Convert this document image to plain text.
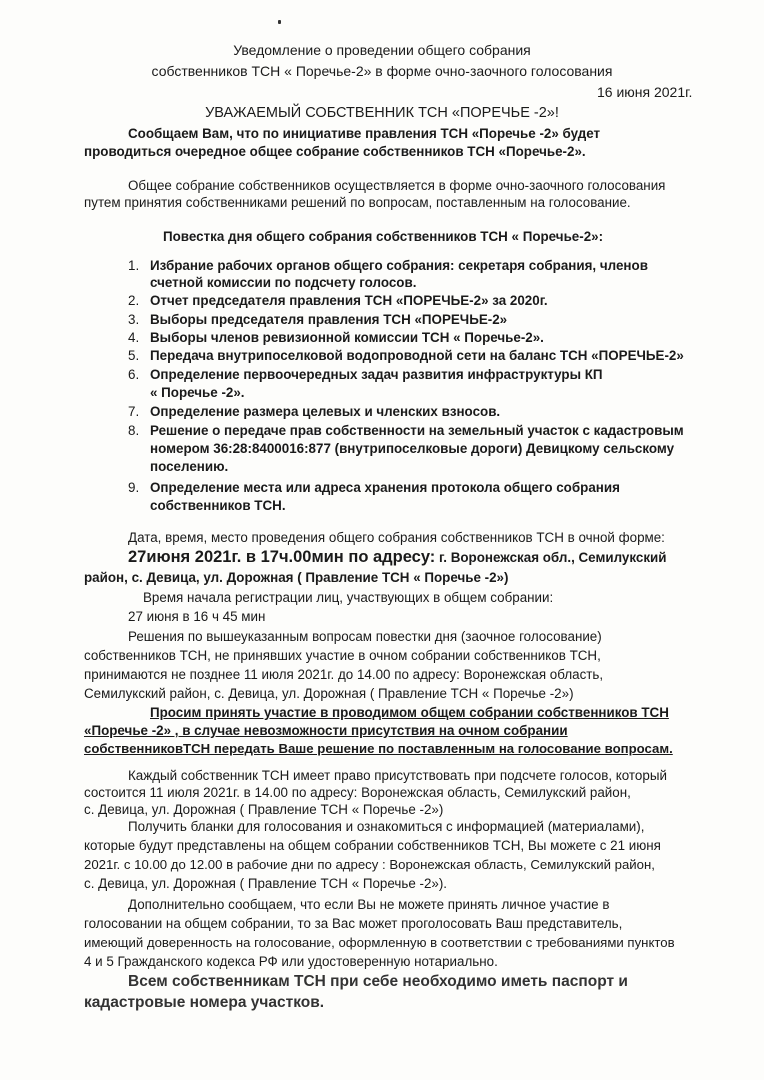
Уведомление о проведении общего собрания
собственников ТСН « Поречье-2» в форме очно-заочного голосования
16 июня 2021г.
УВАЖАЕМЫЙ СОБСТВЕННИК ТСН «ПОРЕЧЬЕ -2»!
Сообщаем Вам, что по инициативе правления ТСН «Поречье -2» будет
проводиться очередное общее собрание собственников ТСН «Поречье-2».
Общее собрание собственников осуществляется в форме очно-заочного голосования
путем принятия собственниками решений по вопросам, поставленным на голосование.
Повестка дня общего собрания собственников ТСН « Поречье-2»:
1. Избрание рабочих органов общего собрания: секретаря собрания, членов
счетной комиссии по подсчету голосов.
2. Отчет председателя правления ТСН «ПОРЕЧЬЕ-2» за 2020г.
3. Выборы председателя правления ТСН «ПОРЕЧЬЕ-2»
4. Выборы членов ревизионной комиссии ТСН « Поречье-2».
5. Передача внутрипоселковой водопроводной сети на баланс ТСН «ПОРЕЧЬЕ-2»
6. Определение первоочередных задач развития инфраструктуры КП
« Поречье -2».
7. Определение размера целевых и членских взносов.
8. Решение о передаче прав собственности на земельный участок с кадастровым
номером 36:28:8400016:877 (внутрипоселковые дороги) Девицкому сельскому
поселению.
9. Определение места или адреса хранения протокола общего собрания
собственников ТСН.
Дата, время, место проведения общего собрания собственников ТСН в очной форме:
27июня 2021г. в 17ч.00мин по адресу: г. Воронежская обл., Семилукский
район, с. Девица, ул. Дорожная ( Правление ТСН « Поречье -2»)
Время начала регистрации лиц, участвующих в общем собрании:
27 июня в 16 ч 45 мин
Решения по вышеуказанным вопросам повестки дня (заочное голосование)
собственников ТСН, не принявших участие в очном собрании собственников ТСН,
принимаются не позднее 11 июля 2021г. до 14.00 по адресу: Воронежская область,
Семилукский район, с. Девица, ул. Дорожная ( Правление ТСН « Поречье -2»)
Просим принять участие в проводимом общем собрании собственников ТСН
«Поречье -2» , в случае невозможности присутствия на очном собрании
собственниковТСН передать Ваше решение по поставленным на голосование вопросам.
Каждый собственник ТСН имеет право присутствовать при подсчете голосов, который
состоится 11 июля 2021г. в 14.00 по адресу: Воронежская область, Семилукский район,
с. Девица, ул. Дорожная ( Правление ТСН « Поречье -2»)
Получить бланки для голосования и ознакомиться с информацией (материалами),
которые будут представлены на общем собрании собственников ТСН, Вы можете с 21 июня
2021г. с 10.00 до 12.00 в рабочие дни по адресу : Воронежская область, Семилукский район,
с. Девица, ул. Дорожная ( Правление ТСН « Поречье -2»).
Дополнительно сообщаем, что если Вы не можете принять личное участие в
голосовании на общем собрании, то за Вас может проголосовать Ваш представитель,
имеющий доверенность на голосование, оформленную в соответствии с требованиями пунктов
4 и 5 Гражданского кодекса РФ или удостоверенную нотариально.
Всем собственникам ТСН при себе необходимо иметь паспорт и
кадастровые номера участков.
